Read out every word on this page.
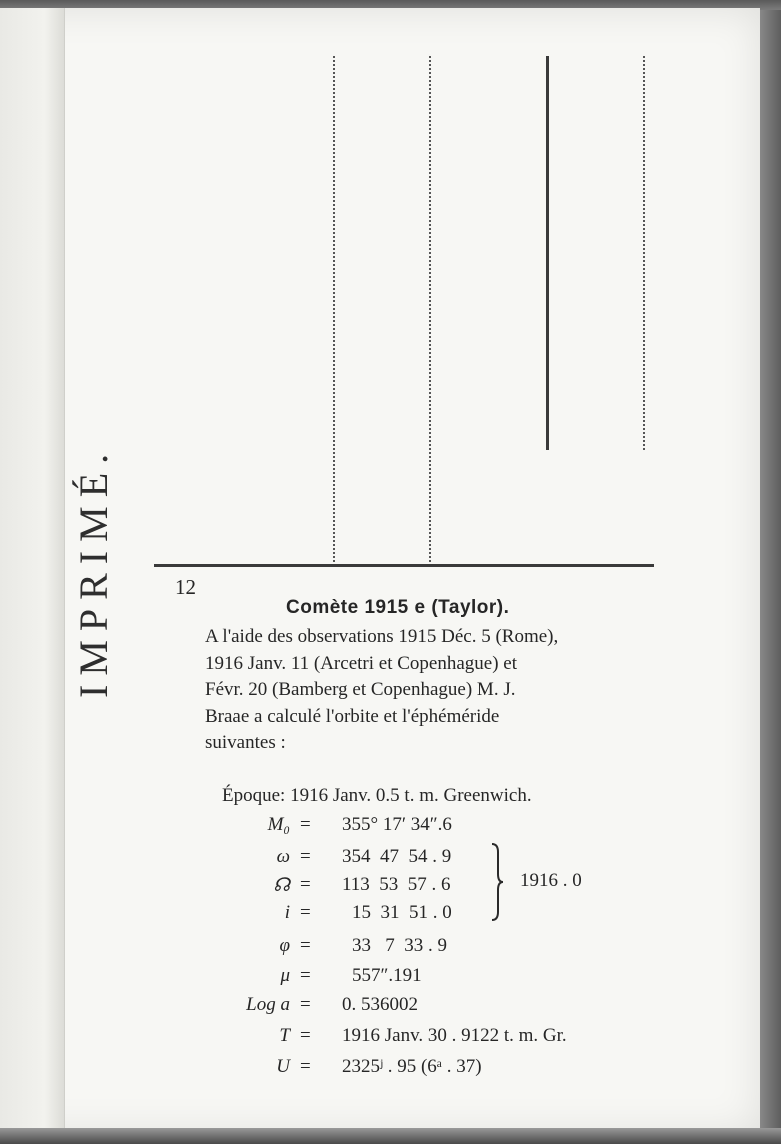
IMPRIMÉ.	12
Comète 1915 e (Taylor).
A l'aide des observations 1915 Déc. 5 (Rome),
1916 Janv. 11 (Arcetri et Copenhague) et
Févr. 20 (Bamberg et Copenhague) M. J.
Braae a calculé l'orbite et l'éphéméride
suivantes :
Époque: 1916 Janv. 0.5 t. m. Greenwich.
M₀ = 355° 17′ 34″.6
ω = 354  47  54 . 9
☊ = 113  53  57 . 6
i = 15  31  51 . 0
φ = 33   7  33 . 9
μ = 557″.191
Log a = 0. 536002
T = 1916 Janv. 30 . 9122 t. m. Gr.
U = 2325ʲ . 95 (6ᵃ . 37)
1916 . 0
